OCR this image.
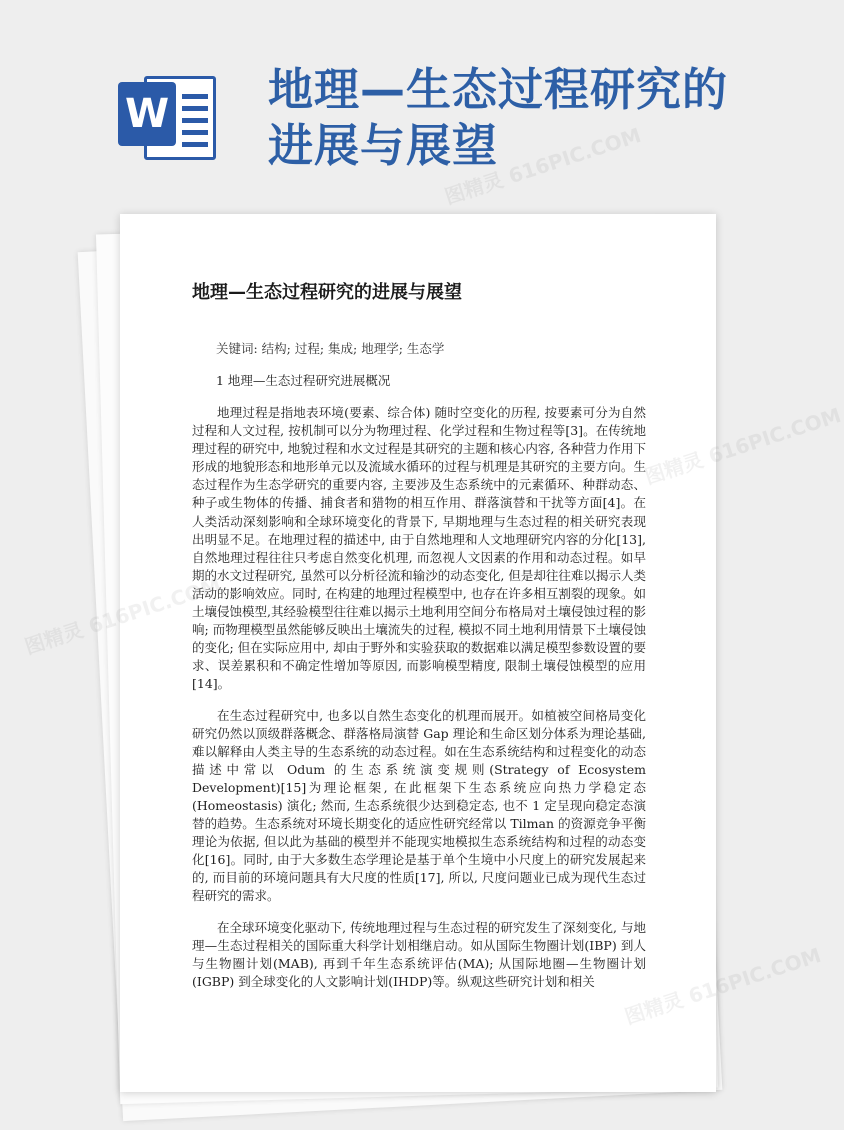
W 地理—生态过程研究的进展与展望
地理—生态过程研究的进展与展望

关键词: 结构; 过程; 集成; 地理学; 生态学

1 地理—生态过程研究进展概况

地理过程是指地表环境(要素、综合体) 随时空变化的历程, 按要素可分为自然过程和人文过程, 按机制可以分为物理过程、化学过程和生物过程等[3]。在传统地理过程的研究中, 地貌过程和水文过程是其研究的主题和核心内容, 各种营力作用下形成的地貌形态和地形单元以及流域水循环的过程与机理是其研究的主要方向。生态过程作为生态学研究的重要内容, 主要涉及生态系统中的元素循环、种群动态、种子或生物体的传播、捕食者和猎物的相互作用、群落演替和干扰等方面[4]。在人类活动深刻影响和全球环境变化的背景下, 早期地理与生态过程的相关研究表现出明显不足。在地理过程的描述中, 由于自然地理和人文地理研究内容的分化[13], 自然地理过程往往只考虑自然变化机理, 而忽视人文因素的作用和动态过程。如早期的水文过程研究, 虽然可以分析径流和输沙的动态变化, 但是却往往难以揭示人类活动的影响效应。同时, 在构建的地理过程模型中, 也存在许多相互割裂的现象。如土壤侵蚀模型,其经验模型往往难以揭示土地利用空间分布格局对土壤侵蚀过程的影响; 而物理模型虽然能够反映出土壤流失的过程, 模拟不同土地利用情景下土壤侵蚀的变化; 但在实际应用中, 却由于野外和实验获取的数据难以满足模型参数设置的要求、误差累积和不确定性增加等原因, 而影响模型精度, 限制土壤侵蚀模型的应用[14]。

在生态过程研究中, 也多以自然生态变化的机理而展开。如植被空间格局变化研究仍然以顶级群落概念、群落格局演替 Gap 理论和生命区划分体系为理论基础, 难以解释由人类主导的生态系统的动态过程。如在生态系统结构和过程变化的动态描述中常以 Odum 的生态系统演变规则(Strategy of Ecosystem Development)[15]为理论框架, 在此框架下生态系统应向热力学稳定态(Homeostasis) 演化; 然而, 生态系统很少达到稳定态, 也不 1 定呈现向稳定态演替的趋势。生态系统对环境长期变化的适应性研究经常以 Tilman 的资源竞争平衡理论为依据, 但以此为基础的模型并不能现实地模拟生态系统结构和过程的动态变化[16]。同时, 由于大多数生态学理论是基于单个生境中小尺度上的研究发展起来的, 而目前的环境问题具有大尺度的性质[17], 所以, 尺度问题业已成为现代生态过程研究的需求。

在全球环境变化驱动下, 传统地理过程与生态过程的研究发生了深刻变化, 与地理—生态过程相关的国际重大科学计划相继启动。如从国际生物圈计划(IBP) 到人与生物圈计划(MAB), 再到千年生态系统评估(MA); 从国际地圈—生物圈计划(IGBP) 到全球变化的人文影响计划(IHDP)等。纵观这些研究计划和相关

图精灵 616PIC.COM
图精灵 616PIC.COM
图精灵
图精灵 616PIC.COM
